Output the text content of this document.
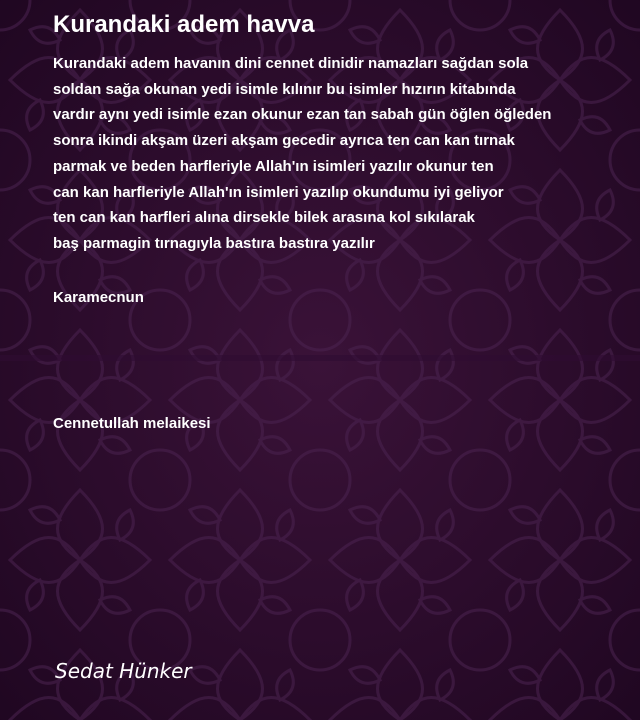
Kurandaki adem havva
Kurandaki adem havanın dini cennet dinidir namazları sağdan sola
soldan sağa okunan yedi isimle kılınır bu isimler hızırın kitabında
vardır aynı yedi isimle ezan okunur ezan tan sabah gün öğlen öğleden
sonra ikindi akşam üzeri akşam gecedir ayrıca ten can kan tırnak
parmak ve beden harfleriyle Allah'ın isimleri yazılır okunur ten
can kan harfleriyle Allah'ın isimleri yazılıp okundumu iyi geliyor
ten can kan harfleri alına dirsekle bilek arasına kol sıkılarak
baş parmagin tırnagıyla bastıra bastıra yazılır
Karamecnun
Cennetullah melaikesi
Sedat Hünker
